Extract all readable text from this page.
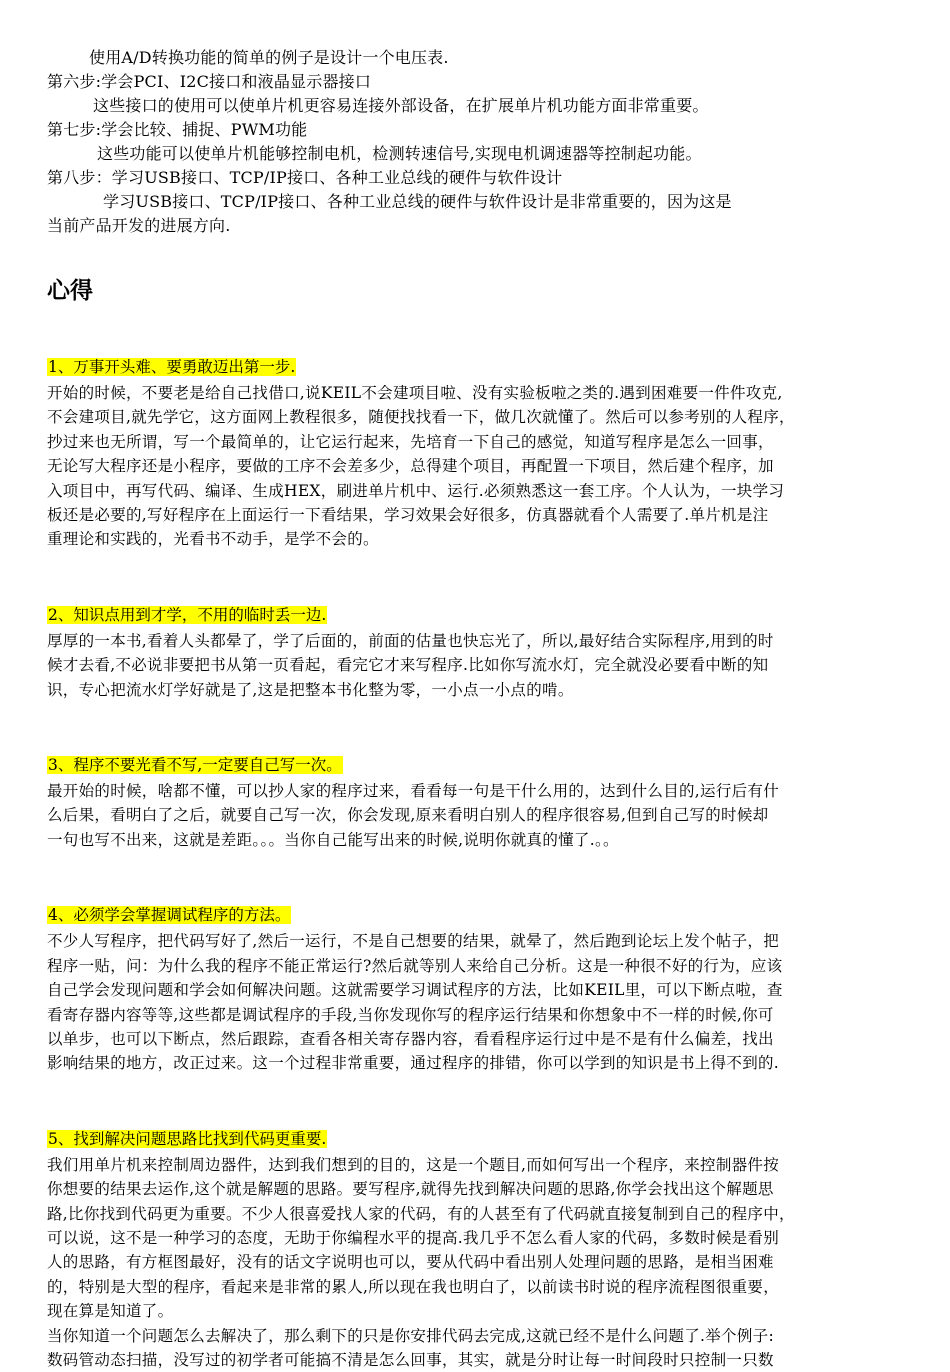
使用A/D转换功能的简单的例子是设计一个电压表.
第六步:学会PCI、I2C接口和液晶显示器接口
这些接口的使用可以使单片机更容易连接外部设备，在扩展单片机功能方面非常重要。
第七步:学会比较、捕捉、PWM功能
这些功能可以使单片机能够控制电机，检测转速信号,实现电机调速器等控制起功能。
第八步：学习USB接口、TCP/IP接口、各种工业总线的硬件与软件设计
学习USB接口、TCP/IP接口、各种工业总线的硬件与软件设计是非常重要的，因为这是
当前产品开发的进展方向.
心得
1、万事开头难、要勇敢迈出第一步.
开始的时候，不要老是给自己找借口,说KEIL不会建项目啦、没有实验板啦之类的.遇到困难要一件件攻克,
不会建项目,就先学它，这方面网上教程很多，随便找找看一下，做几次就懂了。然后可以参考别的人程序，
抄过来也无所谓，写一个最简单的，让它运行起来，先培育一下自己的感觉，知道写程序是怎么一回事，
无论写大程序还是小程序，要做的工序不会差多少，总得建个项目，再配置一下项目，然后建个程序，加
入项目中，再写代码、编译、生成HEX，刷进单片机中、运行.必须熟悉这一套工序。个人认为，一块学习
板还是必要的,写好程序在上面运行一下看结果，学习效果会好很多，仿真器就看个人需要了.单片机是注
重理论和实践的，光看书不动手，是学不会的。
2、知识点用到才学，不用的临时丢一边.
厚厚的一本书,看着人头都晕了，学了后面的，前面的估量也快忘光了，所以,最好结合实际程序,用到的时
候才去看,不必说非要把书从第一页看起，看完它才来写程序.比如你写流水灯，完全就没必要看中断的知
识，专心把流水灯学好就是了,这是把整本书化整为零，一小点一小点的啃。
3、程序不要光看不写,一定要自己写一次。
最开始的时候，啥都不懂，可以抄人家的程序过来，看看每一句是干什么用的，达到什么目的,运行后有什
么后果，看明白了之后，就要自己写一次，你会发现,原来看明白别人的程序很容易,但到自己写的时候却
一句也写不出来，这就是差距。。。当你自己能写出来的时候,说明你就真的懂了.。。
4、必须学会掌握调试程序的方法。
不少人写程序，把代码写好了,然后一运行，不是自己想要的结果，就晕了，然后跑到论坛上发个帖子，把
程序一贴，问：为什么我的程序不能正常运行?然后就等别人来给自己分析。这是一种很不好的行为，应该
自己学会发现问题和学会如何解决问题。这就需要学习调试程序的方法，比如KEIL里，可以下断点啦，查
看寄存器内容等等,这些都是调试程序的手段,当你发现你写的程序运行结果和你想象中不一样的时候,你可
以单步，也可以下断点，然后跟踪，查看各相关寄存器内容，看看程序运行过中是不是有什么偏差，找出
影响结果的地方，改正过来。这一个过程非常重要，通过程序的排错，你可以学到的知识是书上得不到的.
5、找到解决问题思路比找到代码更重要.
我们用单片机来控制周边器件，达到我们想到的目的，这是一个题目,而如何写出一个程序，来控制器件按
你想要的结果去运作,这个就是解题的思路。要写程序,就得先找到解决问题的思路,你学会找出这个解题思
路,比你找到代码更为重要。不少人很喜爱找人家的代码，有的人甚至有了代码就直接复制到自己的程序中，
可以说，这不是一种学习的态度，无助于你编程水平的提高.我几乎不怎么看人家的代码，多数时候是看别
人的思路，有方框图最好，没有的话文字说明也可以，要从代码中看出别人处理问题的思路，是相当困难
的，特别是大型的程序，看起来是非常的累人,所以现在我也明白了，以前读书时说的程序流程图很重要，
现在算是知道了。
当你知道一个问题怎么去解决了，那么剩下的只是你安排代码去完成,这就已经不是什么问题了.举个例子:
数码管动态扫描，没写过的初学者可能搞不清是怎么回事，其实，就是分时让每一时间段时只控制一只数
